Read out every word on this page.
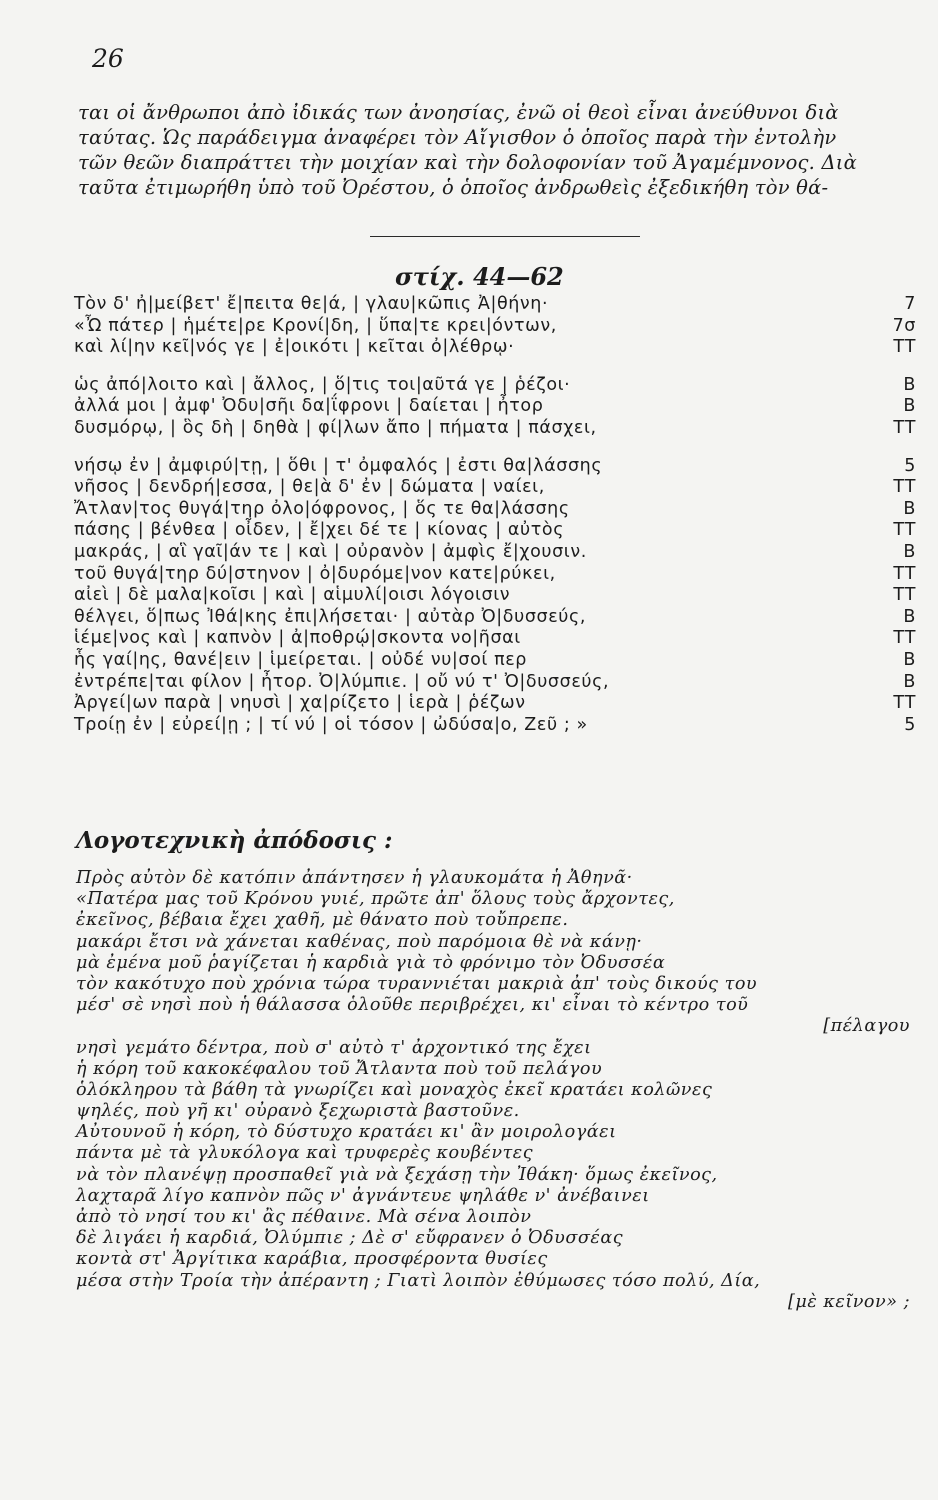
26
ται οἱ ἄνθρωποι ἀπὸ ἰδικάς των ἀνοησίας, ἐνῶ οἱ θεοὶ εἶναι ἀνεύθυνοι διὰ
ταύτας. Ὡς παράδειγμα ἀναφέρει τὸν Αἴγισθον ὁ ὁποῖος παρὰ τὴν ἐντολὴν
τῶν θεῶν διαπράττει τὴν μοιχίαν καὶ τὴν δολοφονίαν τοῦ Ἀγαμέμνονος. Διὰ
ταῦτα ἐτιμωρήθη ὑπὸ τοῦ Ὀρέστου, ὁ ὁποῖος ἀνδρωθεὶς ἐξεδικήθη τὸν θά-
στίχ. 44—62
Τὸν δ' ἠ|μείβετ' ἔ|πειτα θε|ά, | γλαυ|κῶπις Ἀ|θήνη·	7
«Ὦ πάτερ | ἡμέτε|ρε Κρονί|δη, | ὕπα|τε κρει|όντων,	7σ
καὶ λί|ην κεῖ|νός γε | ἐ|οικότι | κεῖται ὀ|λέθρῳ·	ΤΤ
ὡς ἀπό|λοιτο καὶ | ἄλλος, | ὅ|τις τοι|αῦτά γε | ῥέζοι·	Β
ἀλλά μοι | ἀμφ' Ὀδυ|σῆι δα|ΐφρονι | δαίεται | ἦτορ	Β
δυσμόρῳ, | ὃς δὴ | δηθὰ | φί|λων ἄπο | πήματα | πάσχει,	ΤΤ
νήσῳ ἐν | ἀμφιρύ|τῃ, | ὅθι | τ' ὀμφαλός | ἐστι θα|λάσσης	5
νῆσος | δενδρή|εσσα, | θε|ὰ δ' ἐν | δώματα | ναίει,	ΤΤ
Ἄτλαν|τος θυγά|τηρ ὀλο|όφρονος, | ὅς τε θα|λάσσης	Β
πάσης | βένθεα | οἶδεν, | ἔ|χει δέ τε | κίονας | αὐτὸς	ΤΤ
μακράς, | αἳ γαῖ|άν τε | καὶ | οὐρανὸν | ἀμφὶς ἔ|χουσιν.	Β
τοῦ θυγά|τηρ δύ|στηνον | ὀ|δυρόμε|νον κατε|ρύκει,	ΤΤ
αἰεὶ | δὲ μαλα|κοῖσι | καὶ | αἱμυλί|οισι λόγοισιν	ΤΤ
θέλγει, ὅ|πως Ἰθά|κης ἐπι|λήσεται· | αὐτὰρ Ὀ|δυσσεύς,	Β
ἱέμε|νος καὶ | καπνὸν | ἀ|ποθρῴ|σκοντα νο|ῆσαι	ΤΤ
ἧς γαί|ης, θανέ|ειν | ἱμείρεται. | οὐδέ νυ|σοί περ	Β
ἐντρέπε|ται φίλον | ἦτορ. Ὀ|λύμπιε. | οὔ νύ τ' Ὀ|δυσσεύς,	Β
Ἀργεί|ων παρὰ | νηυσὶ | χα|ρίζετο | ἱερὰ | ῥέζων	ΤΤ
Τροίῃ ἐν | εὐρεί|ῃ ; | τί νύ | οἱ τόσον | ὠδύσα|ο, Ζεῦ ; »	5
Λογοτεχνικὴ ἀπόδοσις :
Πρὸς αὐτὸν δὲ κατόπιν ἀπάντησεν ἡ γλαυκομάτα ἡ Ἀθηνᾶ·
«Πατέρα μας τοῦ Κρόνου γυιέ, πρῶτε ἀπ' ὅλους τοὺς ἄρχοντες,
ἐκεῖνος, βέβαια ἔχει χαθῆ, μὲ θάνατο ποὺ τοὔπρεπε.
μακάρι ἔτσι νὰ χάνεται καθένας, ποὺ παρόμοια θὲ νὰ κάνῃ·
μὰ ἐμένα μοῦ ῥαγίζεται ἡ καρδιὰ γιὰ τὸ φρόνιμο τὸν Ὀδυσσέα
τὸν κακότυχο ποὺ χρόνια τώρα τυραννιέται μακριὰ ἀπ' τοὺς δικούς του
μέσ' σὲ νησὶ ποὺ ἡ θάλασσα ὁλοῦθε περιβρέχει, κι' εἶναι τὸ κέντρο τοῦ
[πέλαγου
νησὶ γεμάτο δέντρα, ποὺ σ' αὐτὸ τ' ἀρχοντικό της ἔχει
ἡ κόρη τοῦ κακοκέφαλου τοῦ Ἄτλαντα ποὺ τοῦ πελάγου
ὁλόκληρου τὰ βάθη τὰ γνωρίζει καὶ μοναχὸς ἐκεῖ κρατάει κολῶνες
ψηλές, ποὺ γῆ κι' οὐρανὸ ξεχωριστὰ βαστοῦνε.
Αὐτουνοῦ ἡ κόρη, τὸ δύστυχο κρατάει κι' ἂν μοιρολογάει
πάντα μὲ τὰ γλυκόλογα καὶ τρυφερὲς κουβέντες
νὰ τὸν πλανέψῃ προσπαθεῖ γιὰ νὰ ξεχάσῃ τὴν Ἰθάκη· ὅμως ἐκεῖνος,
λαχταρᾶ λίγο καπνὸν πῶς ν' ἀγνάντευε ψηλάθε ν' ἀνέβαινει
ἀπὸ τὸ νησί του κι' ἂς πέθαινε. Μὰ σένα λοιπὸν
δὲ λιγάει ἡ καρδιά, Ὀλύμπιε ; Δὲ σ' εὔφρανεν ὁ Ὀδυσσέας
κοντὰ στ' Ἀργίτικα καράβια, προσφέροντα θυσίες
μέσα στὴν Τροία τὴν ἀπέραντη ; Γιατὶ λοιπὸν ἐθύμωσες τόσο πολύ, Δία,
[μὲ κεῖνον» ;
